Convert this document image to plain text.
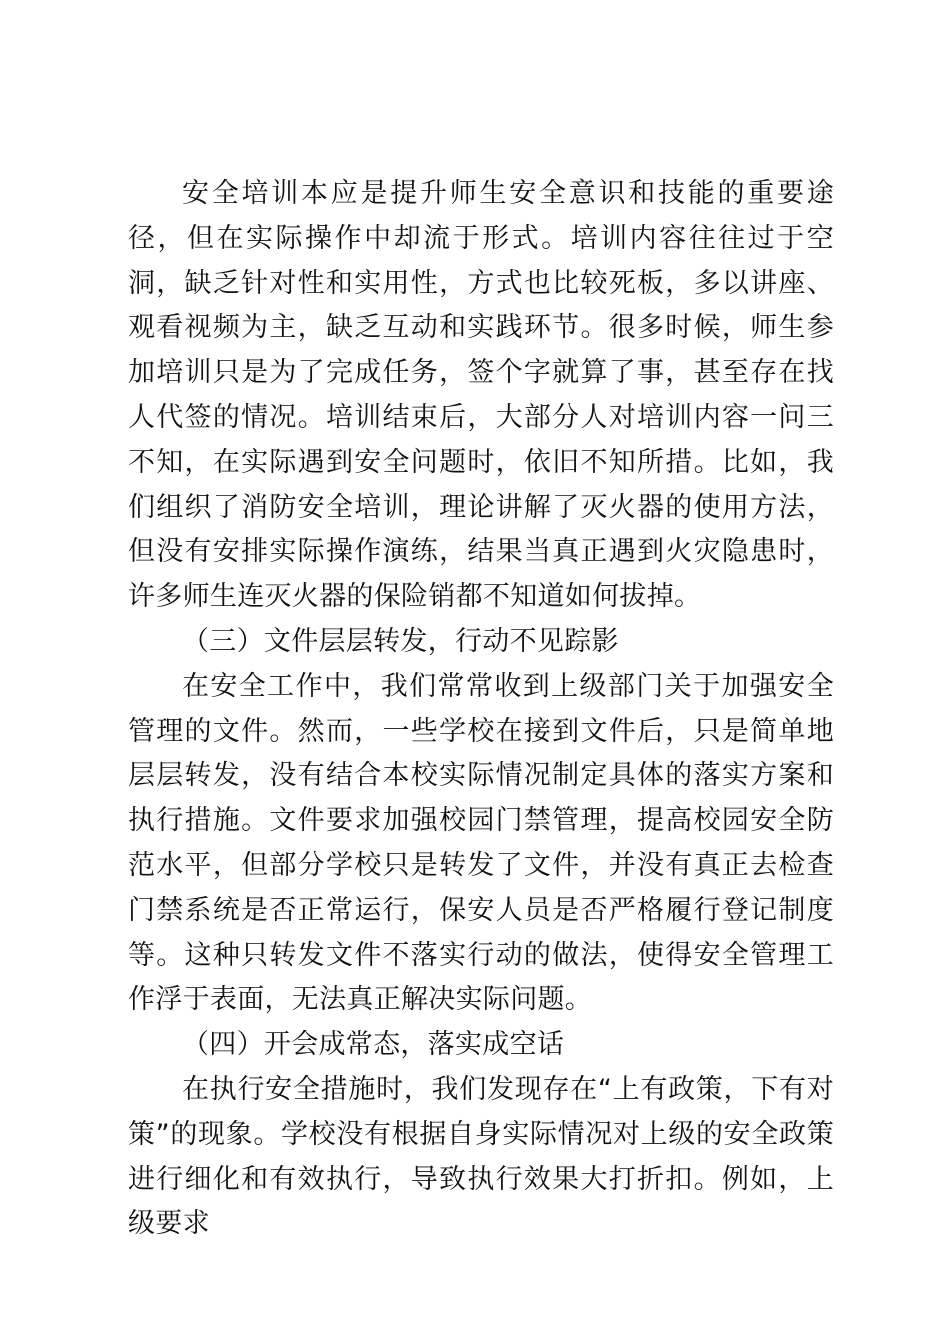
安全培训本应是提升师生安全意识和技能的重要途径，但在实际操作中却流于形式。培训内容往往过于空洞，缺乏针对性和实用性，方式也比较死板，多以讲座、观看视频为主，缺乏互动和实践环节。很多时候，师生参加培训只是为了完成任务，签个字就算了事，甚至存在找人代签的情况。培训结束后，大部分人对培训内容一问三不知，在实际遇到安全问题时，依旧不知所措。比如，我们组织了消防安全培训，理论讲解了灭火器的使用方法，但没有安排实际操作演练，结果当真正遇到火灾隐患时，许多师生连灭火器的保险销都不知道如何拔掉。

（三）文件层层转发，行动不见踪影

在安全工作中，我们常常收到上级部门关于加强安全管理的文件。然而，一些学校在接到文件后，只是简单地层层转发，没有结合本校实际情况制定具体的落实方案和执行措施。文件要求加强校园门禁管理，提高校园安全防范水平，但部分学校只是转发了文件，并没有真正去检查门禁系统是否正常运行，保安人员是否严格履行登记制度等。这种只转发文件不落实行动的做法，使得安全管理工作浮于表面，无法真正解决实际问题。

（四）开会成常态，落实成空话

在执行安全措施时，我们发现存在“上有政策，下有对策”的现象。学校没有根据自身实际情况对上级的安全政策进行细化和有效执行，导致执行效果大打折扣。例如，上级要求
